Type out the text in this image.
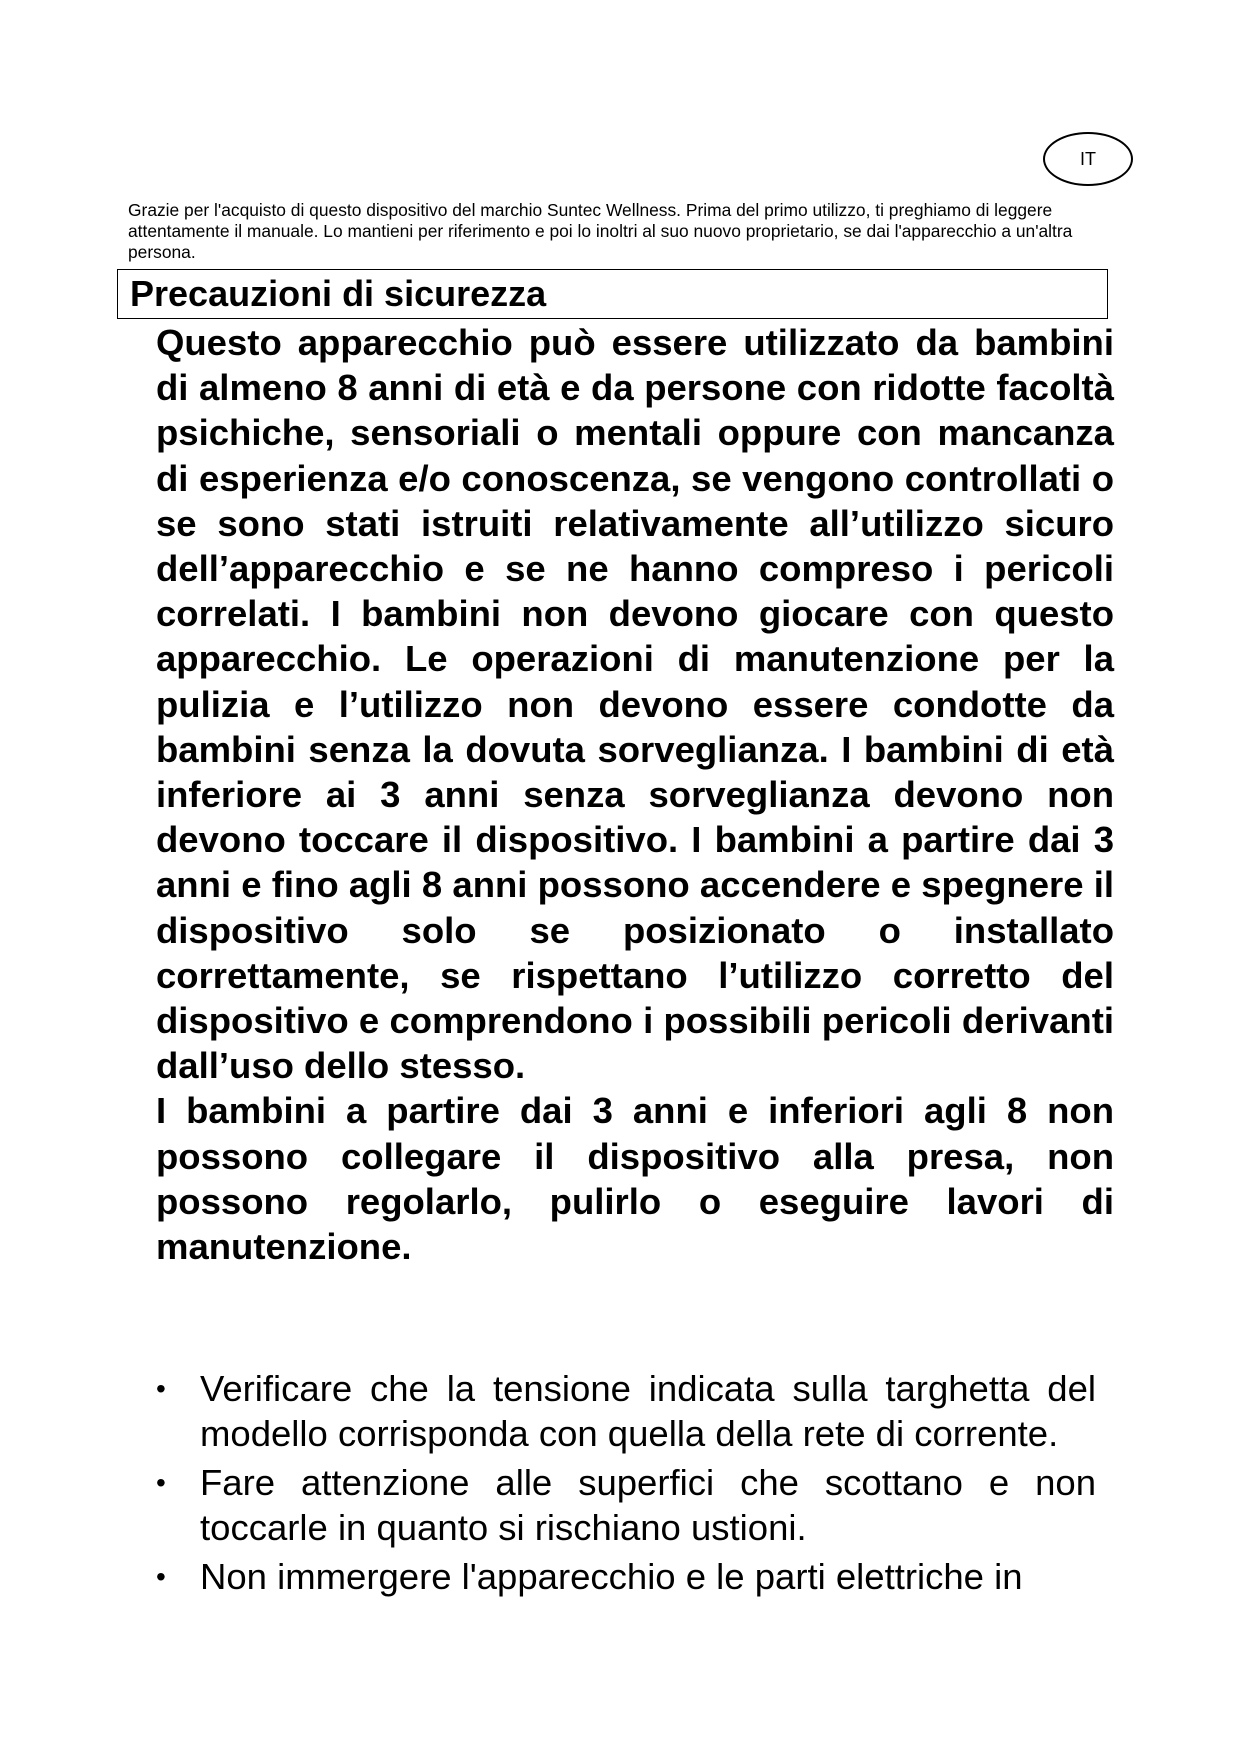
IT
Grazie per l'acquisto di questo dispositivo del marchio Suntec Wellness. Prima del primo utilizzo, ti preghiamo di leggere attentamente il manuale. Lo mantieni per riferimento e poi lo inoltri al suo nuovo proprietario, se dai l'apparecchio a un'altra persona.
Precauzioni di sicurezza

Questo apparecchio può essere utilizzato da bambini di almeno 8 anni di età e da persone con ridotte facoltà psichiche, sensoriali o mentali oppure con mancanza di esperienza e/o conoscenza, se vengono controllati o se sono stati istruiti relativamente all’utilizzo sicuro dell’apparecchio e se ne hanno compreso i pericoli correlati. I bambini non devono giocare con questo apparecchio. Le operazioni di manutenzione per la pulizia e l’utilizzo non devono essere condotte da bambini senza la dovuta sorveglianza. I bambini di età inferiore ai 3 anni senza sorveglianza devono non devono toccare il dispositivo. I bambini a partire dai 3 anni e fino agli 8 anni possono accendere e spegnere il dispositivo solo se posizionato o installato correttamente, se rispettano l’utilizzo corretto del dispositivo e comprendono i possibili pericoli derivanti dall’uso dello stesso.

I bambini a partire dai 3 anni e inferiori agli 8 non possono collegare il dispositivo alla presa, non possono regolarlo, pulirlo o eseguire lavori di manutenzione.

• Verificare che la tensione indicata sulla targhetta del modello corrisponda con quella della rete di corrente.
• Fare attenzione alle superfici che scottano e non toccarle in quanto si rischiano ustioni.
• Non immergere l'apparecchio e le parti elettriche in
